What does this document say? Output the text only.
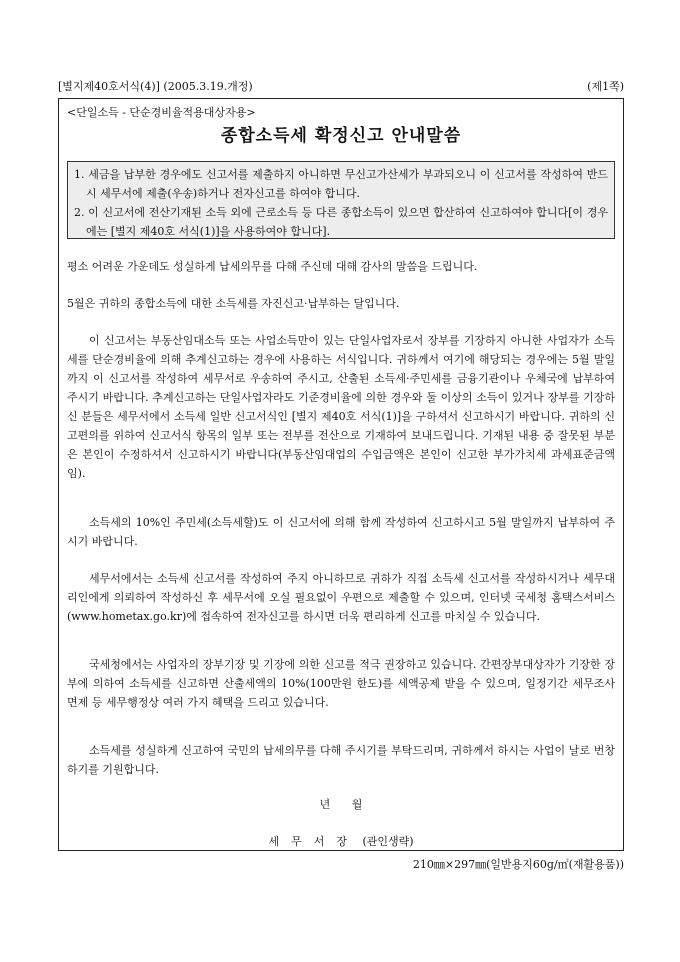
[별지제40호서식(4)] (2005.3.19.개정)	(제1쪽)
<단일소득 - 단순경비율적용대상자용>
종합소득세 확정신고 안내말씀
1. 세금을 납부한 경우에도 신고서를 제출하지 아니하면 무신고가산세가 부과되오니 이 신고서를 작성하여 반드시 세무서에 제출(우송)하거나 전자신고를 하여야 합니다.
2. 이 신고서에 전산기재된 소득 외에 근로소득 등 다른 종합소득이 있으면 합산하여 신고하여야 합니다[이 경우에는 [별지 제40호 서식(1)]을 사용하여야 합니다].
평소 어려운 가운데도 성실하게 납세의무를 다해 주신데 대해 감사의 말씀을 드립니다.
5월은 귀하의 종합소득에 대한 소득세를 자진신고·납부하는 달입니다.
이 신고서는 부동산임대소득 또는 사업소득만이 있는 단일사업자로서 장부를 기장하지 아니한 사업자가 소득세를 단순경비율에 의해 추계신고하는 경우에 사용하는 서식입니다. 귀하께서 여기에 해당되는 경우에는 5월 말일까지 이 신고서를 작성하여 세무서로 우송하여 주시고, 산출된 소득세·주민세를 금융기관이나 우체국에 납부하여 주시기 바랍니다. 추계신고하는 단일사업자라도 기준경비율에 의한 경우와 둘 이상의 소득이 있거나 장부를 기장하신 분들은 세무서에서 소득세 일반 신고서식인 [별지 제40호 서식(1)]을 구하셔서 신고하시기 바랍니다. 귀하의 신고편의를 위하여 신고서식 항목의 일부 또는 전부를 전산으로 기재하여 보내드립니다. 기재된 내용 중 잘못된 부분은 본인이 수정하셔서 신고하시기 바랍니다(부동산임대업의 수입금액은 본인이 신고한 부가가치세 과세표준금액임).
소득세의 10%인 주민세(소득세할)도 이 신고서에 의해 함께 작성하여 신고하시고 5월 말일까지 납부하여 주시기 바랍니다.
세무서에서는 소득세 신고서를 작성하여 주지 아니하므로 귀하가 직접 소득세 신고서를 작성하시거나 세무대리인에게 의뢰하여 작성하신 후 세무서에 오실 필요없이 우편으로 제출할 수 있으며, 인터넷 국세청 홈택스서비스(www.hometax.go.kr)에 접속하여 전자신고를 하시면 더욱 편리하게 신고를 마치실 수 있습니다.
국세청에서는 사업자의 장부기장 및 기장에 의한 신고를 적극 권장하고 있습니다. 간편장부대상자가 기장한 장부에 의하여 소득세를 신고하면 산출세액의 10%(100만원 한도)를 세액공제 받을 수 있으며, 일정기간 세무조사 면제 등 세무행정상 여러 가지 혜택을 드리고 있습니다.
소득세를 성실하게 신고하여 국민의 납세의무를 다해 주시기를 부탁드리며, 귀하께서 하시는 사업이 날로 번창하기를 기원합니다.
년 월
세무서장 (관인생략)
210㎜×297㎜(일반용지60g/㎡(재활용품))
